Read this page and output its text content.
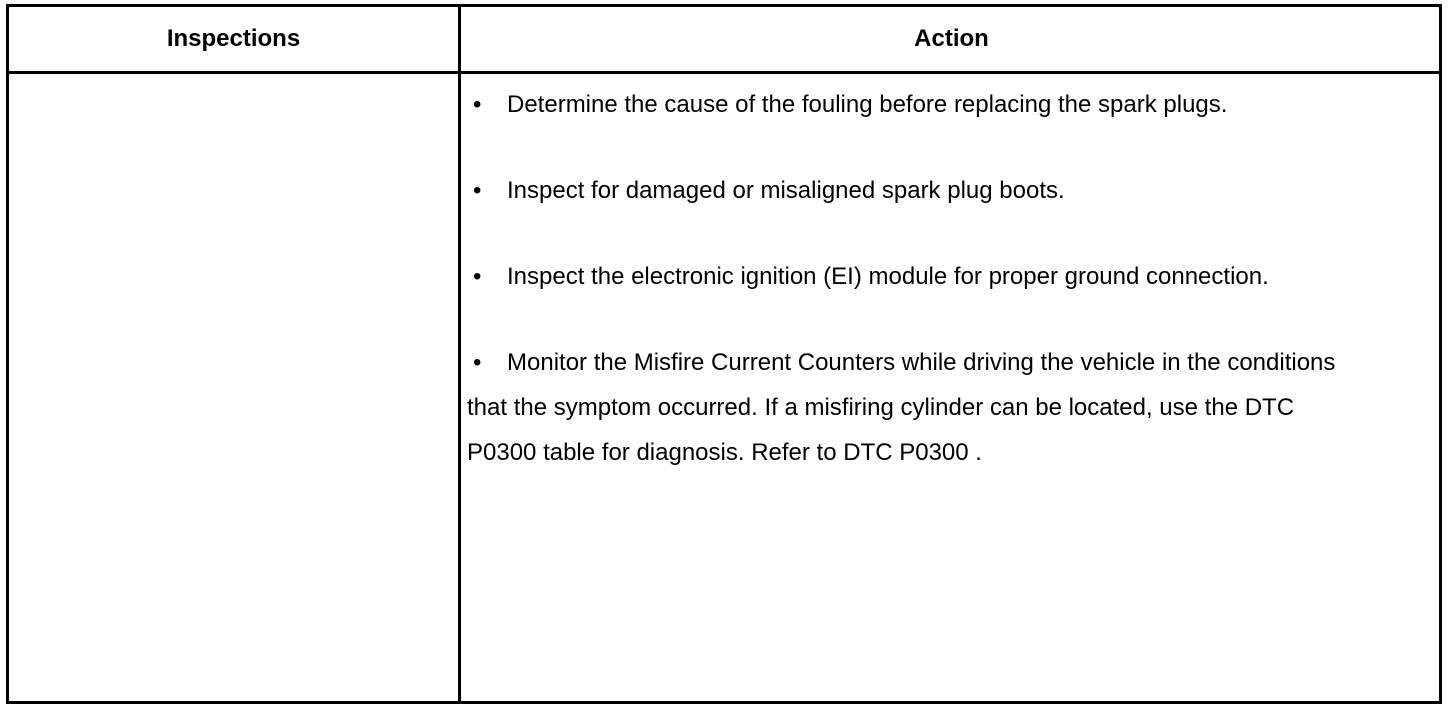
Inspections	Action

• Determine the cause of the fouling before replacing the spark plugs.

• Inspect for damaged or misaligned spark plug boots.

• Inspect the electronic ignition (EI) module for proper ground connection.

• Monitor the Misfire Current Counters while driving the vehicle in the conditions that the symptom occurred. If a misfiring cylinder can be located, use the DTC P0300 table for diagnosis. Refer to DTC P0300 .
